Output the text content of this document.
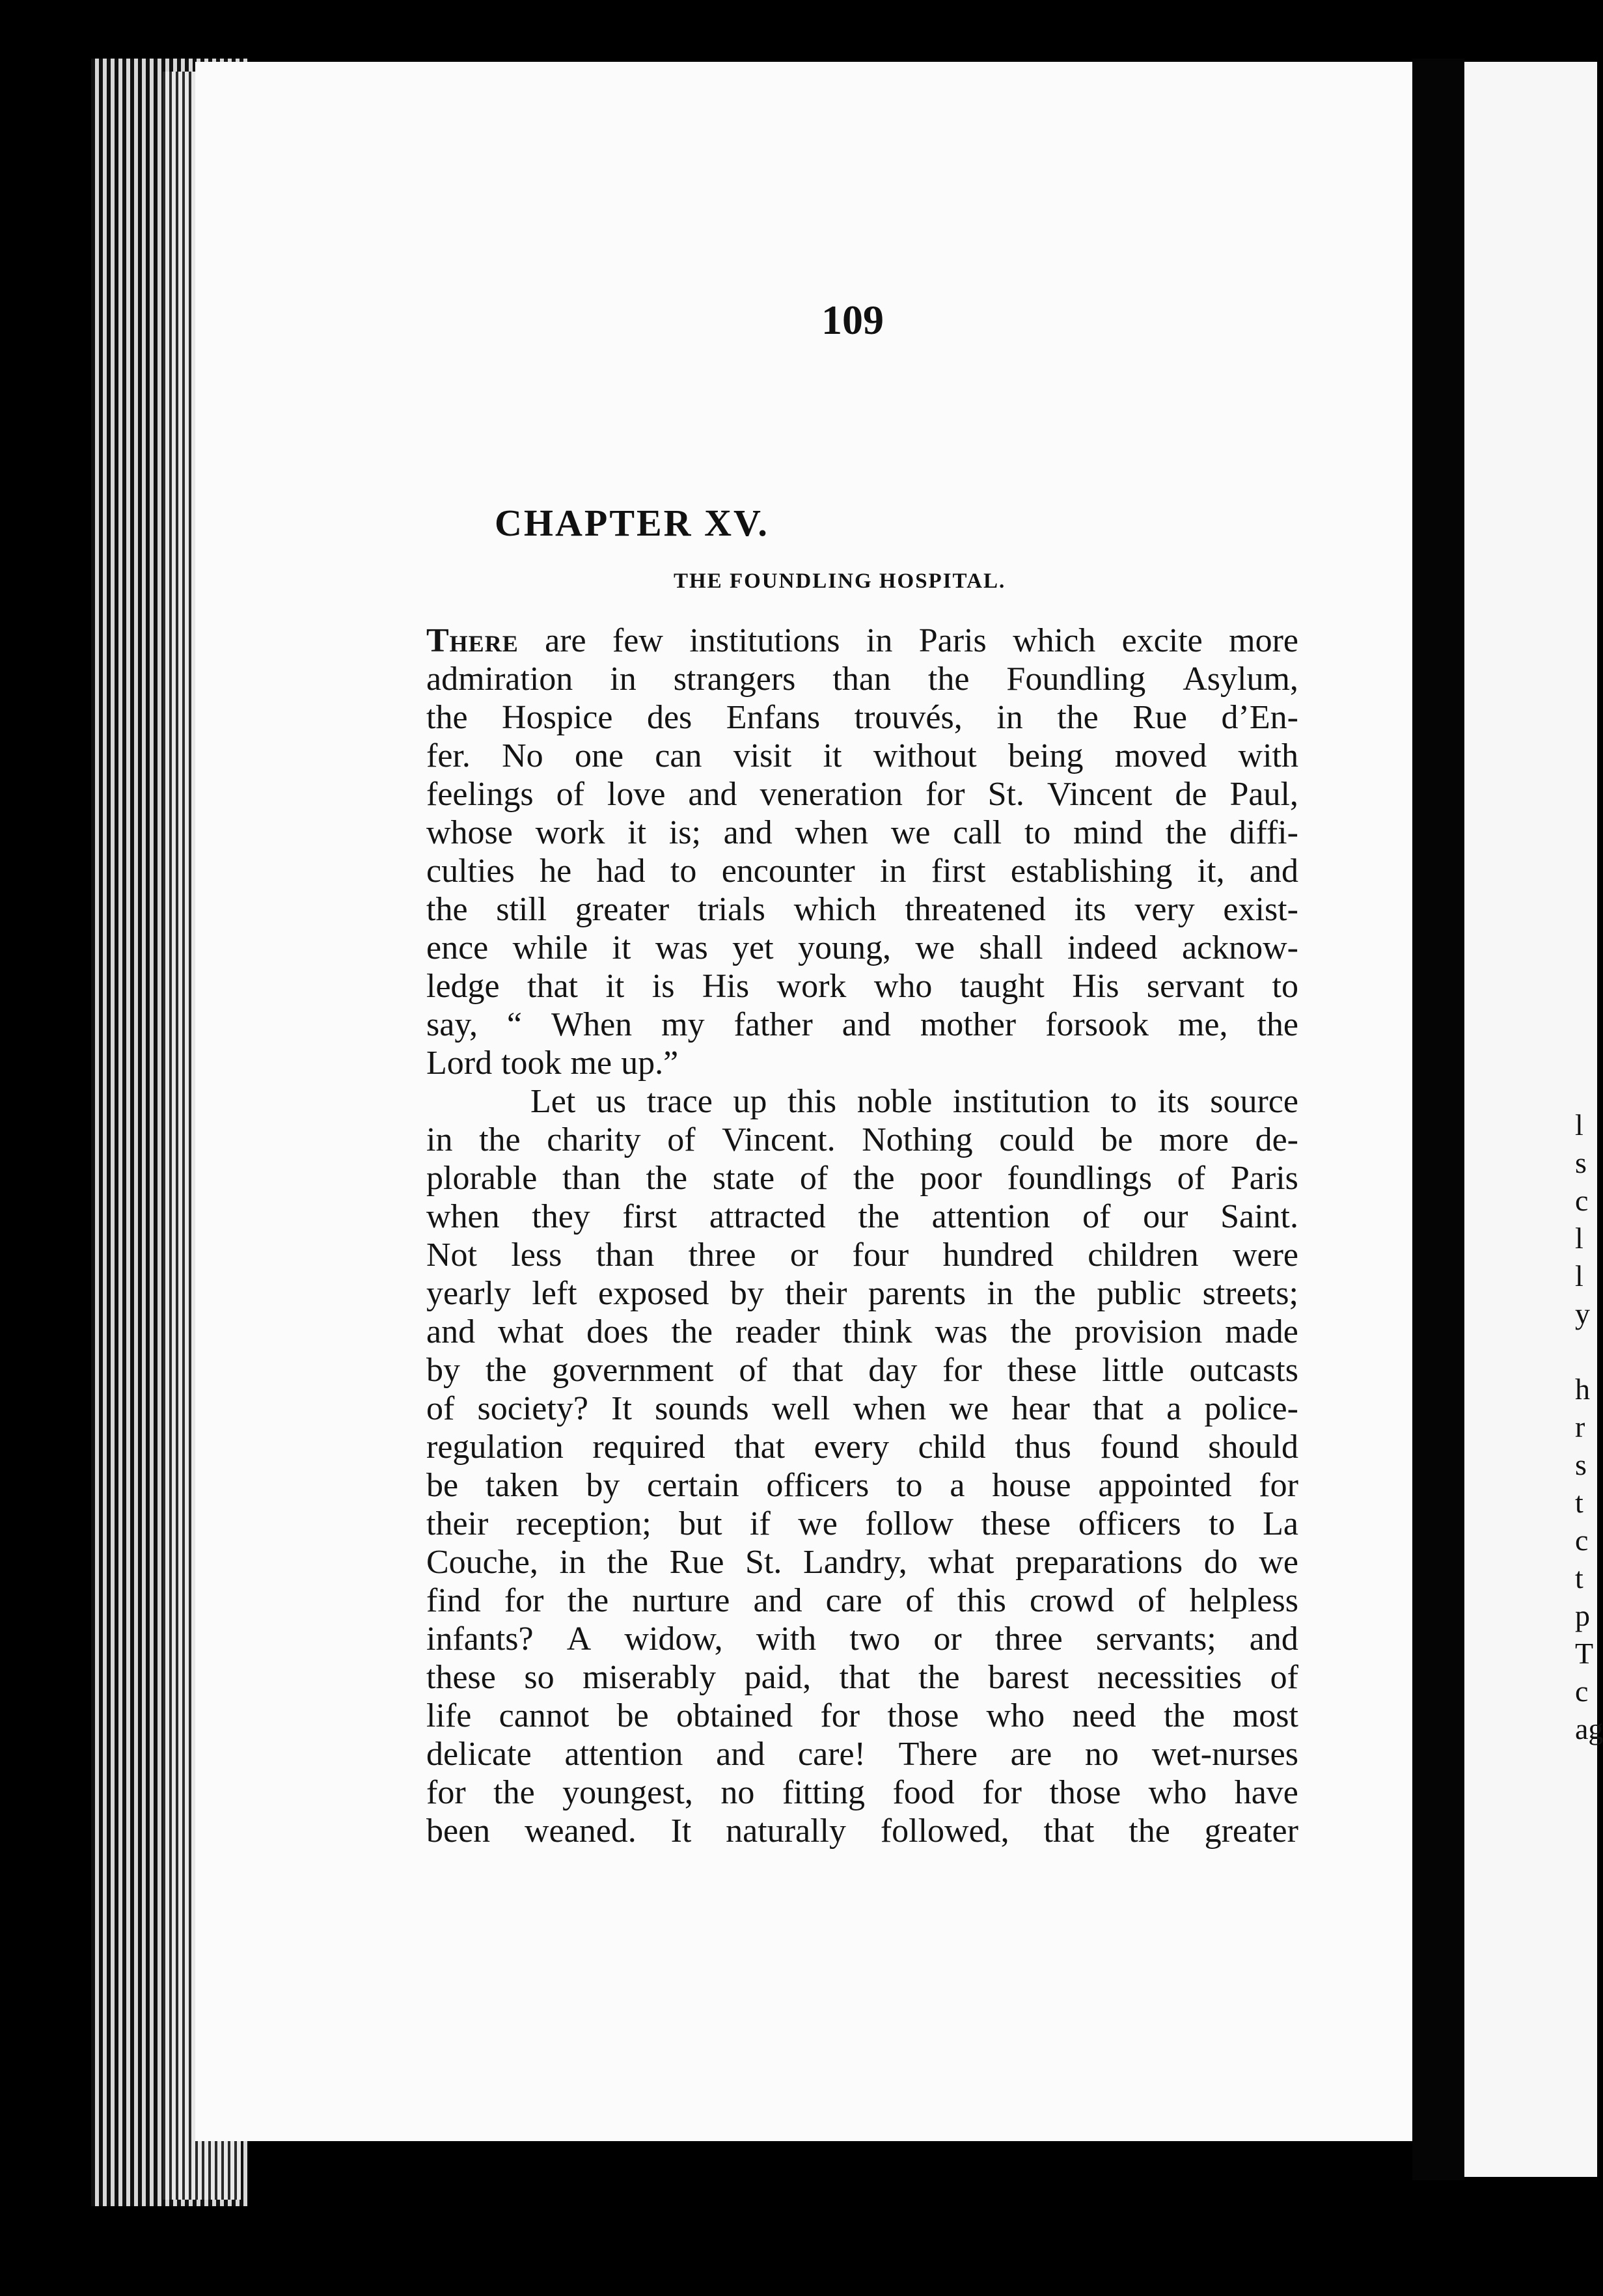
l
s
c
l
l
y

h
r
s
t
c
t
p
T
c
ag
109
CHAPTER XV.
THE FOUNDLING HOSPITAL.
There are few institutions in Paris which excite more
admiration in strangers than the Foundling Asylum,
the Hospice des Enfans trouvés, in the Rue d’En-
fer. No one can visit it without being moved with
feelings of love and veneration for St. Vincent de Paul,
whose work it is; and when we call to mind the diffi-
culties he had to encounter in first establishing it, and
the still greater trials which threatened its very exist-
ence while it was yet young, we shall indeed acknow-
ledge that it is His work who taught His servant to
say, “ When my father and mother forsook me, the
Lord took me up.”
Let us trace up this noble institution to its source
in the charity of Vincent. Nothing could be more de-
plorable than the state of the poor foundlings of Paris
when they first attracted the attention of our Saint.
Not less than three or four hundred children were
yearly left exposed by their parents in the public streets;
and what does the reader think was the provision made
by the government of that day for these little outcasts
of society? It sounds well when we hear that a police-
regulation required that every child thus found should
be taken by certain officers to a house appointed for
their reception; but if we follow these officers to La
Couche, in the Rue St. Landry, what preparations do we
find for the nurture and care of this crowd of helpless
infants? A widow, with two or three servants; and
these so miserably paid, that the barest necessities of
life cannot be obtained for those who need the most
delicate attention and care! There are no wet-nurses
for the youngest, no fitting food for those who have
been weaned. It naturally followed, that the greater
